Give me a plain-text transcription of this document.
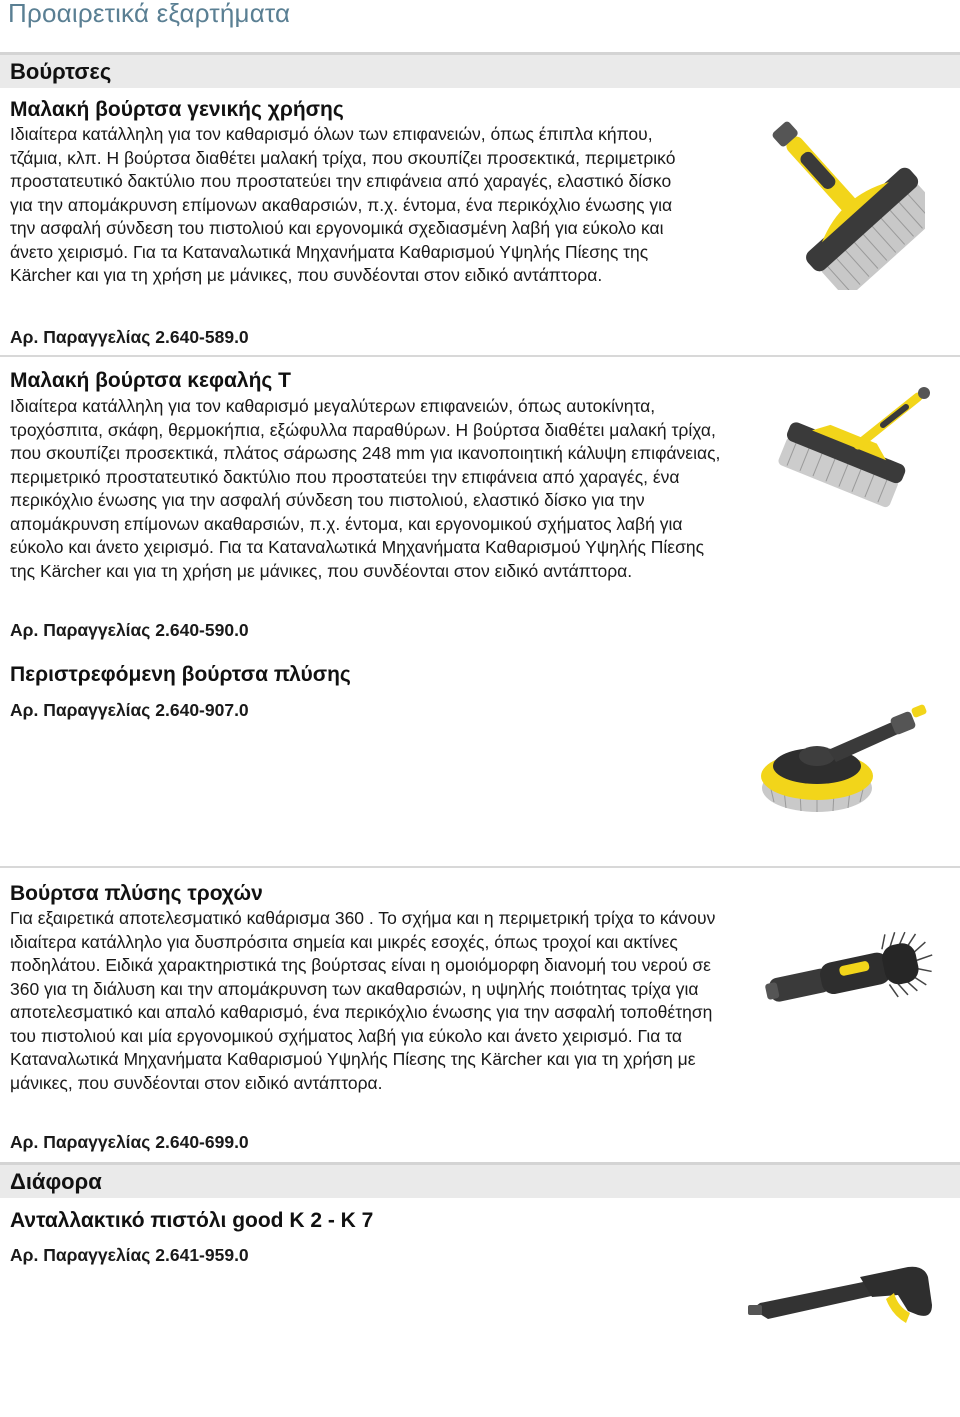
Προαιρετικά εξαρτήματα
Βούρτσες
Μαλακή βούρτσα γενικής χρήσης

Ιδιαίτερα κατάλληλη για τον καθαρισμό όλων των επιφανειών, όπως έπιπλα κήπου, τζάμια, κλπ. Η βούρτσα διαθέτει μαλακή τρίχα, που σκουπίζει προσεκτικά, περιμετρικό προστατευτικό δακτύλιο που προστατεύει την επιφάνεια από χαραγές, ελαστικό δίσκο για την απομάκρυνση επίμονων ακαθαρσιών, π.χ. έντομα, ένα περικόχλιο ένωσης για την ασφαλή σύνδεση του πιστολιού και εργονομικά σχεδιασμένη λαβή για εύκολο και άνετο χειρισμό. Για τα Καταναλωτικά Μηχανήματα Καθαρισμού Υψηλής Πίεσης της Kärcher και για τη χρήση με μάνικες, που συνδέονται στον ειδικό αντάπτορα.

Αρ. Παραγγελίας 2.640-589.0

Μαλακή βούρτσα κεφαλής T

Ιδιαίτερα κατάλληλη για τον καθαρισμό μεγαλύτερων επιφανειών, όπως αυτοκίνητα, τροχόσπιτα, σκάφη, θερμοκήπια, εξώφυλλα παραθύρων. Η βούρτσα διαθέτει μαλακή τρίχα, που σκουπίζει προσεκτικά, πλάτος σάρωσης 248 mm για ικανοποιητική κάλυψη επιφάνειας, περιμετρικό προστατευτικό δακτύλιο που προστατεύει την επιφάνεια από χαραγές, ένα περικόχλιο ένωσης για την ασφαλή σύνδεση του πιστολιού, ελαστικό δίσκο για την απομάκρυνση επίμονων ακαθαρσιών, π.χ. έντομα, και εργονομικού σχήματος λαβή για εύκολο και άνετο χειρισμό. Για τα Καταναλωτικά Μηχανήματα Καθαρισμού Υψηλής Πίεσης της Kärcher και για τη χρήση με μάνικες, που συνδέονται στον ειδικό αντάπτορα.

Αρ. Παραγγελίας 2.640-590.0

Περιστρεφόμενη βούρτσα πλύσης

Αρ. Παραγγελίας 2.640-907.0

Βούρτσα πλύσης τροχών

Για εξαιρετικά αποτελεσματικό καθάρισμα 360 . Το σχήμα και η περιμετρική τρίχα το κάνουν ιδιαίτερα κατάλληλο για δυσπρόσιτα σημεία και μικρές εσοχές, όπως τροχοί και ακτίνες ποδηλάτου. Ειδικά χαρακτηριστικά της βούρτσας είναι η ομοιόμορφη διανομή του νερού σε 360 για τη διάλυση και την απομάκρυνση των ακαθαρσιών, η υψηλής ποιότητας τρίχα για αποτελεσματικό και απαλό καθαρισμό, ένα περικόχλιο ένωσης για την ασφαλή τοποθέτηση του πιστολιού και μία εργονομικού σχήματος λαβή για εύκολο και άνετο χειρισμό. Για τα Καταναλωτικά Μηχανήματα Καθαρισμού Υψηλής Πίεσης της Kärcher και για τη χρήση με μάνικες, που συνδέονται στον ειδικό αντάπτορα.

Αρ. Παραγγελίας 2.640-699.0

Διάφορα
Ανταλλακτικό πιστόλι good K 2 - K 7

Αρ. Παραγγελίας 2.641-959.0
